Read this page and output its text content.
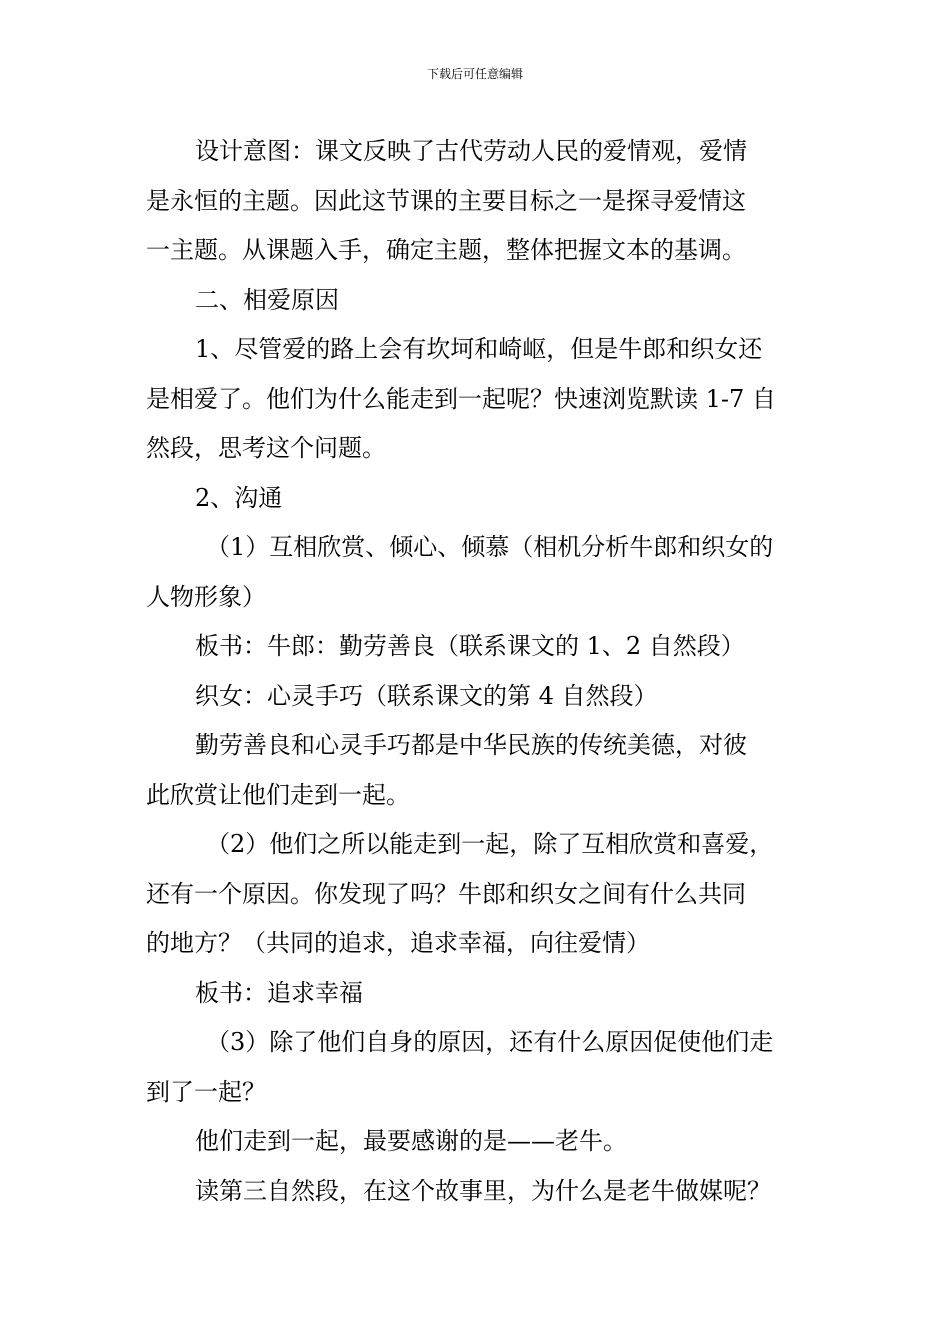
下载后可任意编辑

设计意图：课文反映了古代劳动人民的爱情观，爱情
是永恒的主题。因此这节课的主要目标之一是探寻爱情这
一主题。从课题入手，确定主题，整体把握文本的基调。

二、相爱原因

1、尽管爱的路上会有坎坷和崎岖，但是牛郎和织女还
是相爱了。他们为什么能走到一起呢？快速浏览默读 1-7 自
然段，思考这个问题。

2、沟通

（1）互相欣赏、倾心、倾慕（相机分析牛郎和织女的
人物形象）

板书：牛郎：勤劳善良（联系课文的 1、2 自然段）

织女：心灵手巧（联系课文的第 4 自然段）

勤劳善良和心灵手巧都是中华民族的传统美德，对彼
此欣赏让他们走到一起。

（2）他们之所以能走到一起，除了互相欣赏和喜爱，
还有一个原因。你发现了吗？牛郎和织女之间有什么共同
的地方？（共同的追求，追求幸福，向往爱情）

板书：追求幸福

（3）除了他们自身的原因，还有什么原因促使他们走
到了一起？

他们走到一起，最要感谢的是——老牛。

读第三自然段，在这个故事里，为什么是老牛做媒呢？
